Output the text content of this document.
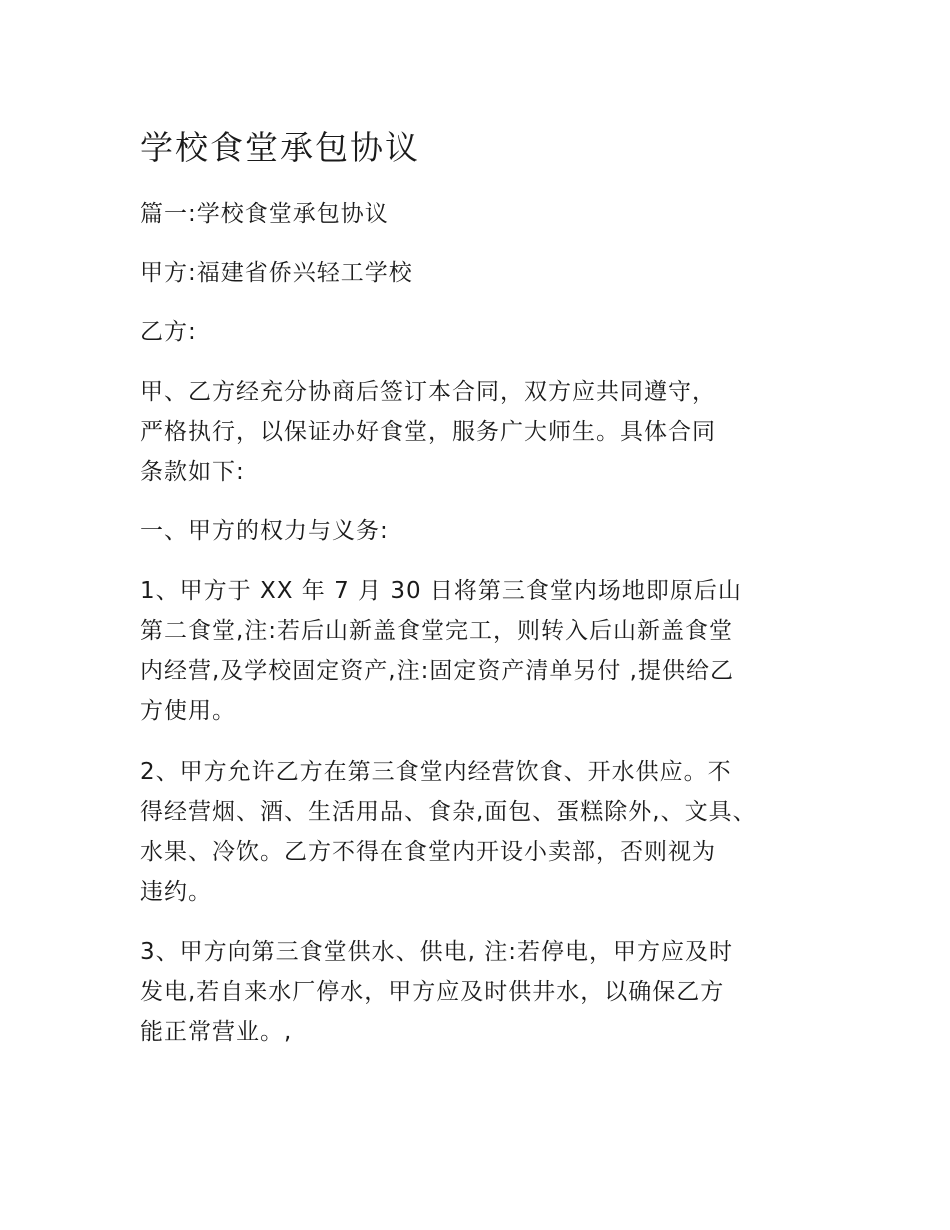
学校食堂承包协议

篇一:学校食堂承包协议

甲方:福建省侨兴轻工学校

乙方:

甲、乙方经充分协商后签订本合同，双方应共同遵守，
严格执行，以保证办好食堂，服务广大师生。具体合同
条款如下:

一、甲方的权力与义务:

1、甲方于 XX 年 7 月 30 日将第三食堂内场地即原后山
第二食堂,注:若后山新盖食堂完工，则转入后山新盖食堂
内经营,及学校固定资产,注:固定资产清单另付 ,提供给乙
方使用。

2、甲方允许乙方在第三食堂内经营饮食、开水供应。不
得经营烟、酒、生活用品、食杂,面包、蛋糕除外,、文具、
水果、冷饮。乙方不得在食堂内开设小卖部，否则视为
违约。

3、甲方向第三食堂供水、供电, 注:若停电，甲方应及时
发电,若自来水厂停水，甲方应及时供井水，以确保乙方
能正常营业。,
